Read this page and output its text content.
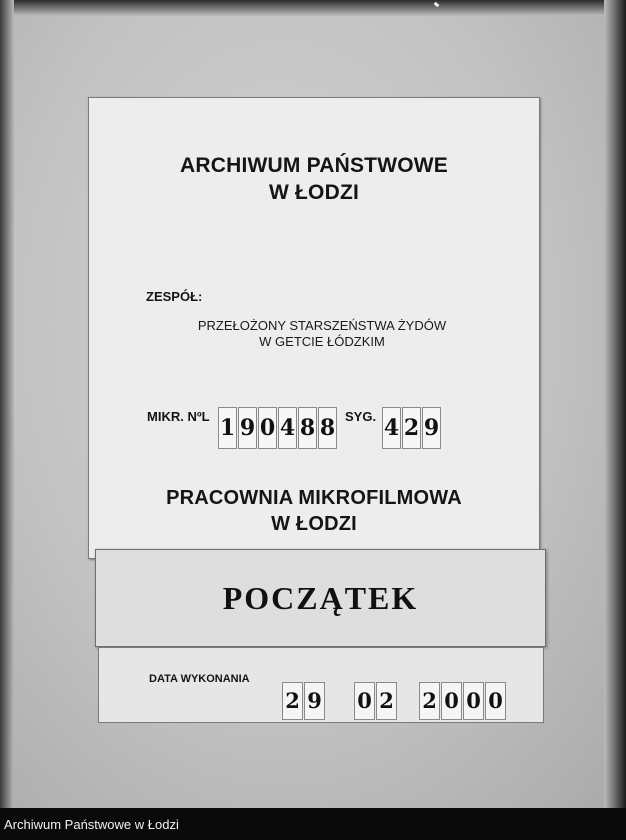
ARCHIWUM PAŃSTWOWE
W ŁODZI
ZESPÓŁ:
PRZEŁOŻONY STARSZEŃSTWA ŻYDÓW
W GETCIE ŁÓDZKIM
MIKR. NºL 1 9 0 4 8 8 SYG. 4 2 9
PRACOWNIA MIKROFILMOWA
W ŁODZI
POCZĄTEK
DATA WYKONANIA
2 9 0 2 2 0 0 0
Archiwum Państwowe w Łodzi
